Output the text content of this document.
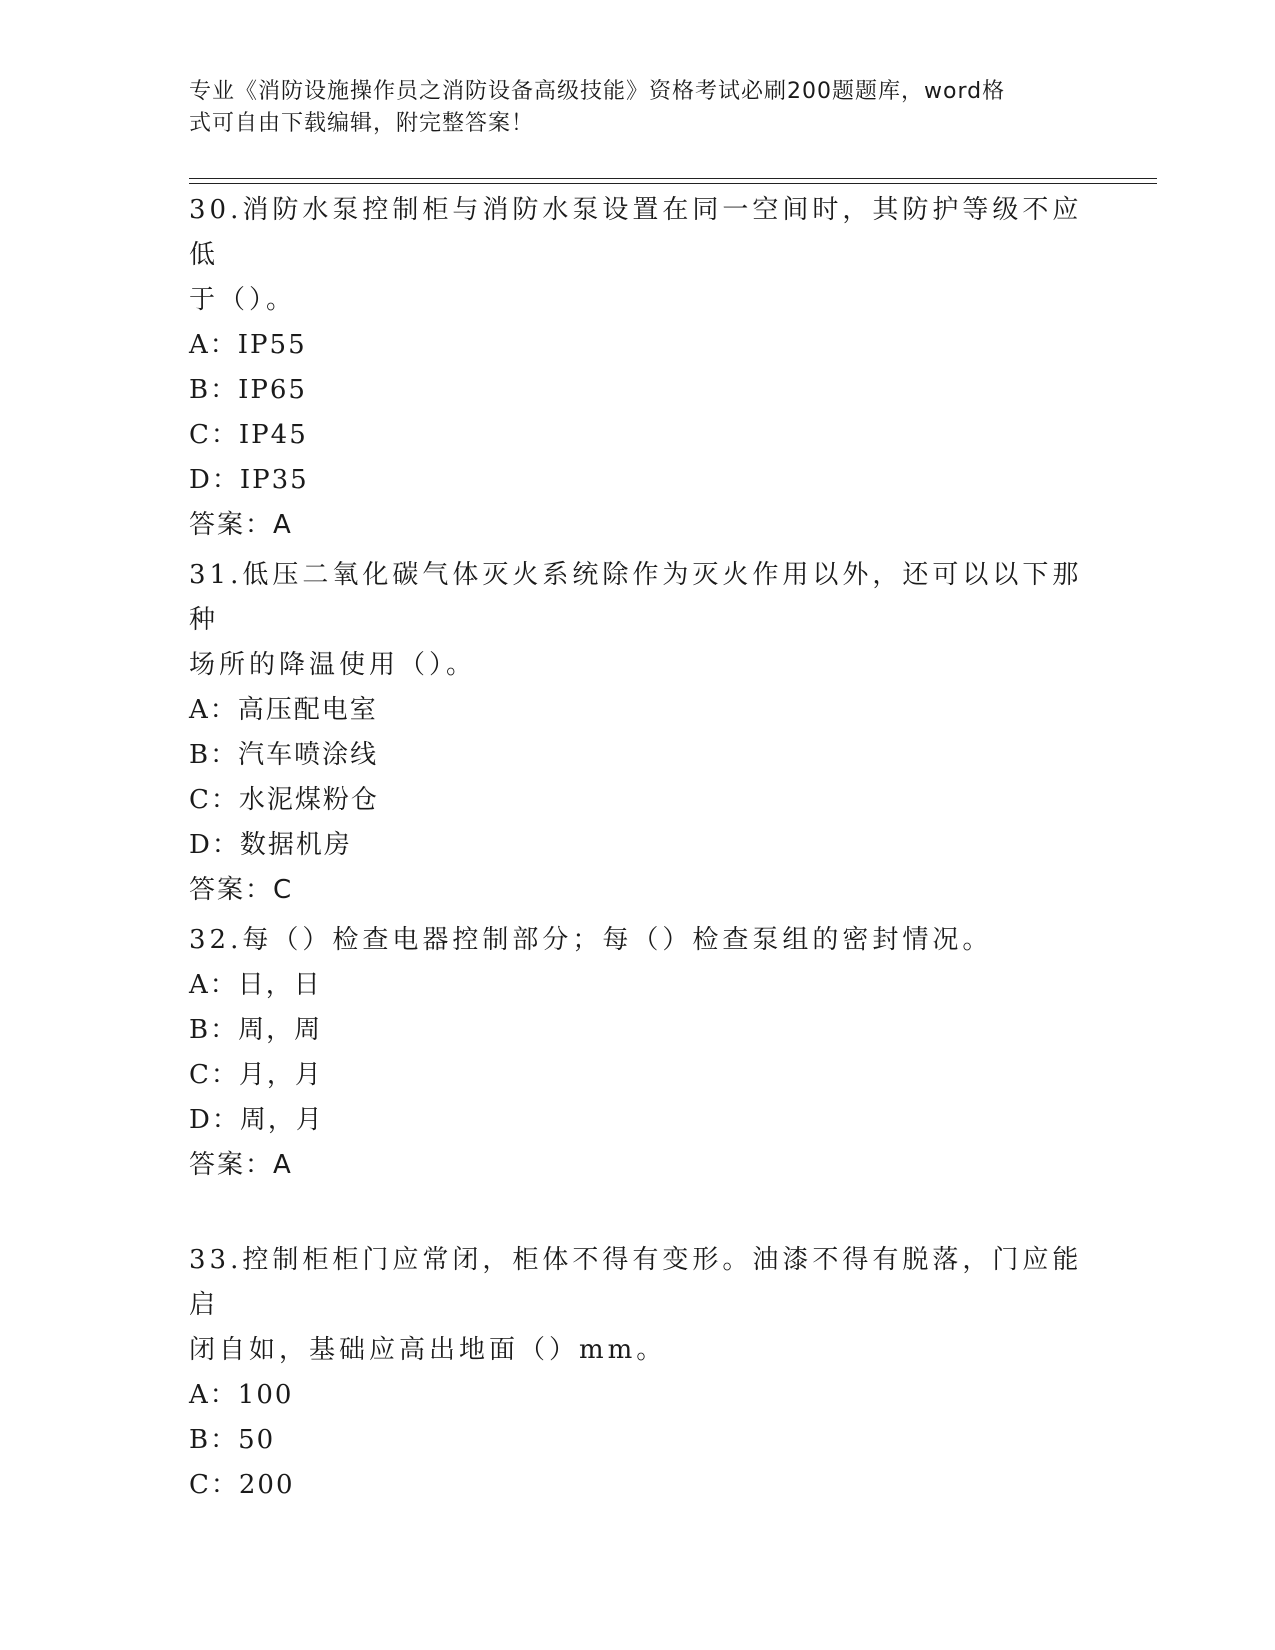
专业《消防设施操作员之消防设备高级技能》资格考试必刷200题题库，word格
式可自由下载编辑，附完整答案！
30.消防水泵控制柜与消防水泵设置在同一空间时，其防护等级不应低
于（）。
A：IP55
B：IP65
C：IP45
D：IP35
答案：A
31.低压二氧化碳气体灭火系统除作为灭火作用以外，还可以以下那种
场所的降温使用（）。
A：高压配电室
B：汽车喷涂线
C：水泥煤粉仓
D：数据机房
答案：C
32.每（）检查电器控制部分；每（）检查泵组的密封情况。
A：日，日
B：周，周
C：月，月
D：周，月
答案：A
33.控制柜柜门应常闭，柜体不得有变形。油漆不得有脱落，门应能启
闭自如，基础应高出地面（）mm。
A：100
B：50
C：200
